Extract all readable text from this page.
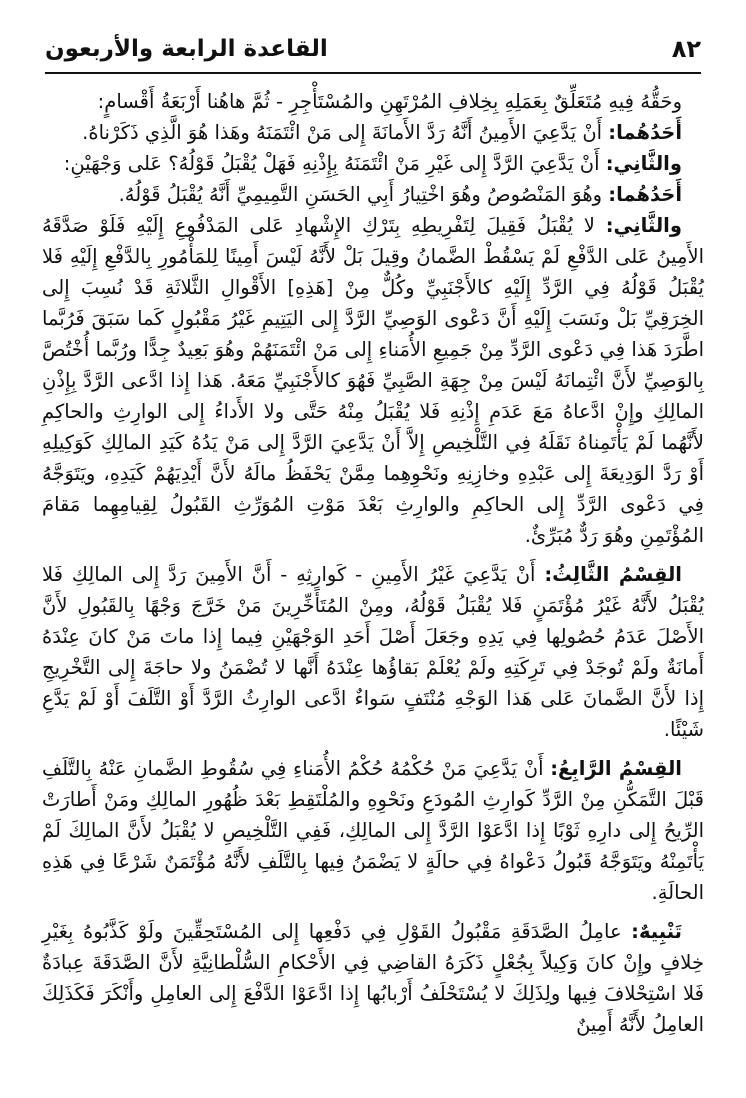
٨٢
القاعدة الرابعة والأربعون

وحَقُّهُ فِيهِ مُتَعَلِّقٌ بِعَمَلِهِ بِخِلافِ المُرْتَهِنِ والمُسْتَأْجِرِ - ثُمَّ هاهُنا أَرْبَعَةُ أَقْسامٍ:

أَحَدُهُما: أَنْ يَدَّعِيَ الأَمِينُ أَنَّهُ رَدَّ الأَمانَةَ إِلى مَنْ ائْتَمَنَهُ وهَذا هُوَ الَّذِي ذَكَرْناهُ.

والثَّانِي: أَنْ يَدَّعِيَ الرَّدَّ إِلى غَيْرِ مَنْ ائْتَمَنَهُ بِإِذْنِهِ فَهَلْ يُقْبَلُ قَوْلُهُ؟ عَلى وَجْهَيْنِ:

أَحَدُهُما: وهُوَ المَنْصُوصُ وهُوَ اخْتِيارُ أَبِي الحَسَنِ التَّمِيمِيِّ أَنَّهُ يُقْبَلُ قَوْلُهُ.

والثَّانِي: لا يُقْبَلُ فَقِيلَ لِتَفْرِيطِهِ بِتَرْكِ الإِشْهادِ عَلى المَدْفُوعِ إِلَيْهِ فَلَوْ صَدَّقَهُ الأَمِينُ عَلى الدَّفْعِ لَمْ يَسْقُطْ الضَّمانُ وقِيلَ بَلْ لأَنَّهُ لَيْسَ أَمِينًا لِلمَأْمُورِ بِالدَّفْعِ إِلَيْهِ فَلا يُقْبَلُ قَوْلُهُ فِي الرَّدِّ إِلَيْهِ كالأَجْنَبِيِّ وكُلٌّ مِنْ [هَذِهِ] الأَقْوالِ الثَّلاثَةِ قَدْ نُسِبَ إِلى الخِرَقِيِّ بَلْ ونَسَبَ إِلَيْهِ أَنَّ دَعْوى الوَصِيِّ الرَّدَّ إِلى اليَتِيمِ غَيْرُ مَقْبُولٍ كَما سَبَقَ فَرُبَّما اطَّرَدَ هَذا فِي دَعْوى الرَّدِّ مِنْ جَمِيعِ الأُمَناءِ إِلى مَنْ ائْتَمَنَهُمْ وهُوَ بَعِيدٌ جِدًّا ورُبَّما أُخْتُصَّ بِالوَصِيِّ لأَنَّ ائْتِمانَهُ لَيْسَ مِنْ جِهَةِ الصَّبِيِّ فَهُوَ كالأَجْنَبِيِّ مَعَهُ. هَذا إِذا ادَّعى الرَّدَّ بِإِذْنِ المالِكِ وإِنْ ادَّعاهُ مَعَ عَدَمِ إِذْنِهِ فَلا يُقْبَلُ مِنْهُ حَتَّى ولا الأَداءُ إِلى الوارِثِ والحاكِمِ لأَنَّهُما لَمْ يَأْتَمِناهُ نَقَلَهُ فِي التَّلْخِيصِ إِلاَّ أَنْ يَدَّعِيَ الرَّدَّ إِلى مَنْ يَدُهُ كَيَدِ المالِكِ كَوَكِيلِهِ أَوْ رَدَّ الوَدِيعَةَ إِلى عَبْدِهِ وخازِنِهِ ونَحْوِهِما مِمَّنْ يَحْفَظُ مالَهُ لأَنَّ أَيْدِيَهُمْ كَيَدِهِ، ويَتَوَجَّهُ فِي دَعْوى الرَّدِّ إِلى الحاكِمِ والوارِثِ بَعْدَ مَوْتِ المُوَرِّثِ القَبُولُ لِقِيامِهِما مَقامَ المُؤْتَمِنِ وهُوَ رَدٌّ مُبَرِّئٌ.

القِسْمُ الثَّالِثُ: أَنْ يَدَّعِيَ غَيْرُ الأَمِينِ - كَوارِثِهِ - أَنَّ الأَمِينَ رَدَّ إِلى المالِكِ فَلا يُقْبَلُ لأَنَّهُ غَيْرُ مُؤْتَمَنٍ فَلا يُقْبَلُ قَوْلُهُ، ومِنْ المُتَأَخِّرِينَ مَنْ خَرَّجَ وَجْهًا بِالقَبُولِ لأَنَّ الأَصْلَ عَدَمُ حُصُولِها فِي يَدِهِ وجَعَلَ أَصْلَ أَحَدِ الوَجْهَيْنِ فِيما إِذا ماتَ مَنْ كانَ عِنْدَهُ أَمانَةٌ ولَمْ تُوجَدْ فِي تَرِكَتِهِ ولَمْ يُعْلَمْ بَقاؤُها عِنْدَهُ أَنَّها لا تُضْمَنُ ولا حاجَةَ إِلى التَّخْرِيجِ إِذا لأَنَّ الضَّمانَ عَلى هَذا الوَجْهِ مُنْتَفٍ سَواءٌ ادَّعى الوارِثُ الرَّدَّ أَوْ التَّلَفَ أَوْ لَمْ يَدَّعِ شَيْئًا.

القِسْمُ الرَّابِعُ: أَنْ يَدَّعِيَ مَنْ حُكْمُهُ حُكْمُ الأُمَناءِ فِي سُقُوطِ الضَّمانِ عَنْهُ بِالتَّلَفِ قَبْلَ التَّمَكُّنِ مِنْ الرَّدِّ كَوارِثِ المُودَعِ ونَحْوِهِ والمُلْتَقِطِ بَعْدَ ظُهُورِ المالِكِ ومَنْ أَطارَتْ الرِّيحُ إِلى دارِهِ ثَوْبًا إِذا ادَّعَوْا الرَّدَّ إِلى المالِكِ، فَفِي التَّلْخِيصِ لا يُقْبَلُ لأَنَّ المالِكَ لَمْ يَأْتَمِنْهُ ويَتَوَجَّهُ قَبُولُ دَعْواهُ فِي حالَةٍ لا يَضْمَنُ فِيها بِالتَّلَفِ لأَنَّهُ مُؤْتَمَنٌ شَرْعًا فِي هَذِهِ الحالَةِ.

تَنْبِيهٌ: عامِلُ الصَّدَقَةِ مَقْبُولُ القَوْلِ فِي دَفْعِها إِلى المُسْتَحِقِّينَ ولَوْ كَذَّبُوهُ بِغَيْرِ خِلافٍ وإِنْ كانَ وَكِيلاً بِجُعْلٍ ذَكَرَهُ القاضِي فِي الأَحْكامِ السُّلْطانِيَّةِ لأَنَّ الصَّدَقَةَ عِبادَةٌ فَلا اسْتِحْلافَ فِيها ولِذَلِكَ لا يُسْتَحْلَفُ أَرْبابُها إِذا ادَّعَوْا الدَّفْعَ إِلى العامِلِ وأَنْكَرَ فَكَذَلِكَ العامِلُ لأَنَّهُ أَمِينٌ
